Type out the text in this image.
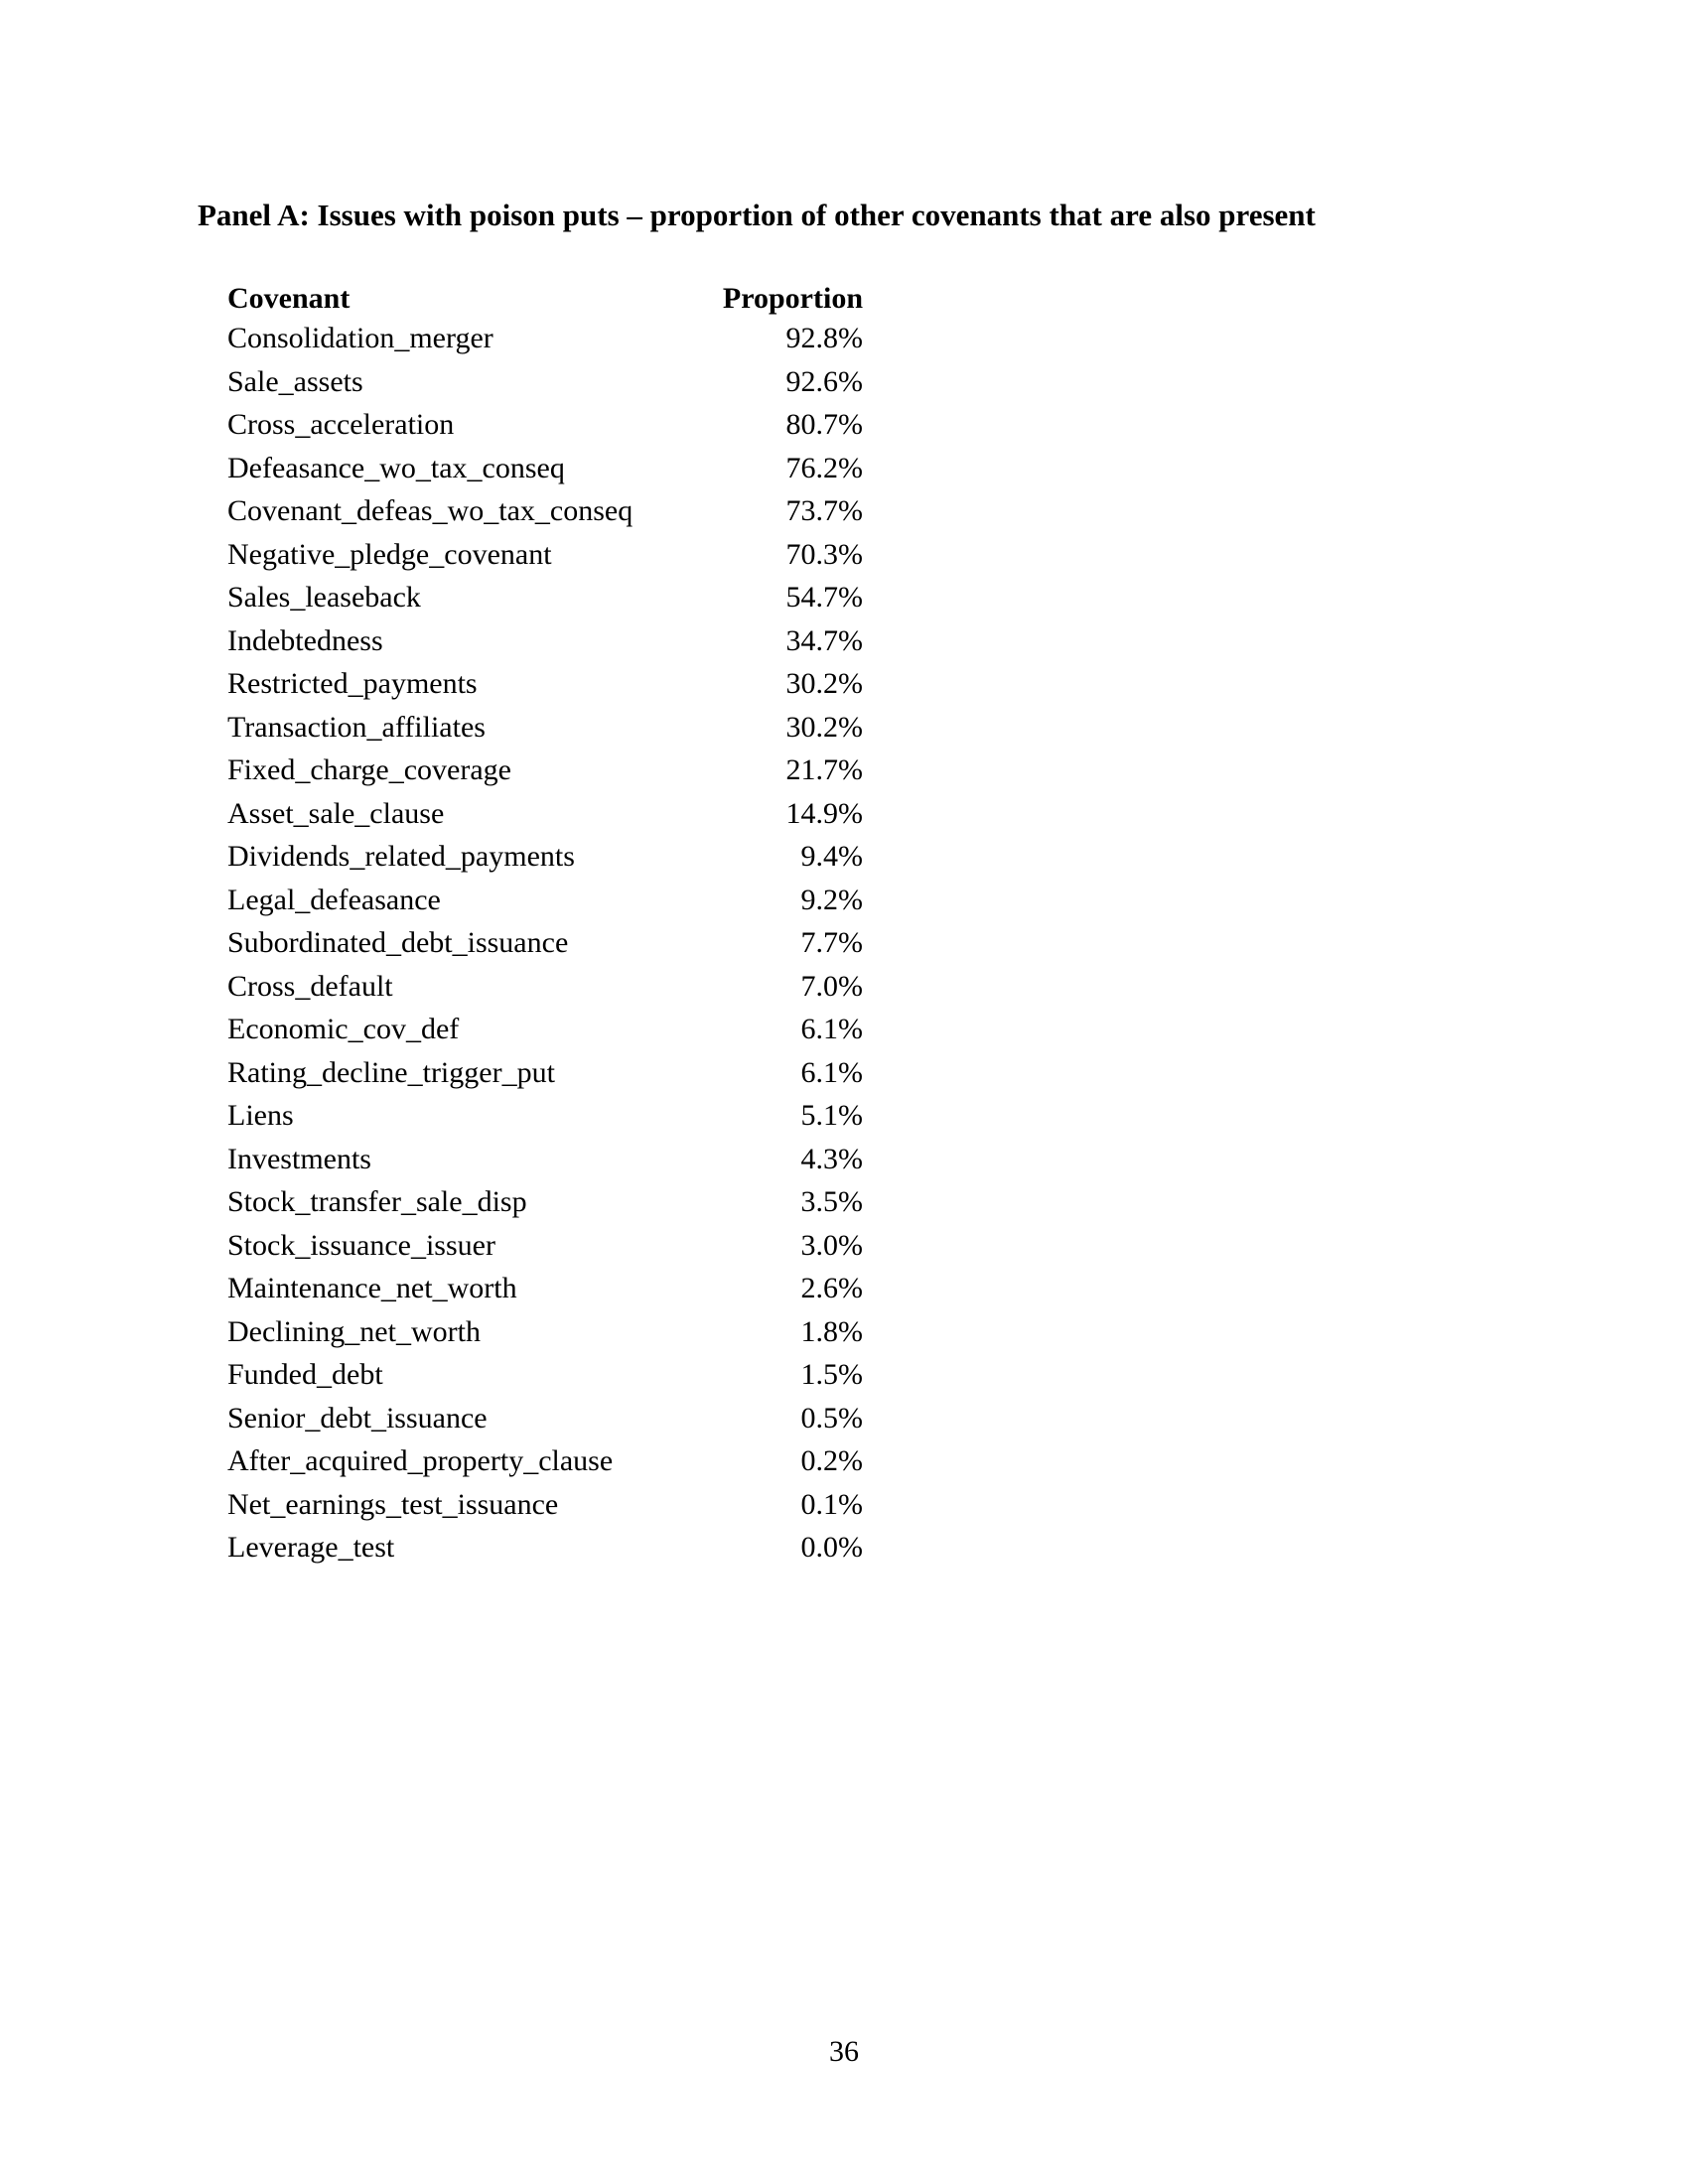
Panel A: Issues with poison puts – proportion of other covenants that are also present
Covenant	Proportion
Consolidation_merger	92.8%
Sale_assets	92.6%
Cross_acceleration	80.7%
Defeasance_wo_tax_conseq	76.2%
Covenant_defeas_wo_tax_conseq	73.7%
Negative_pledge_covenant	70.3%
Sales_leaseback	54.7%
Indebtedness	34.7%
Restricted_payments	30.2%
Transaction_affiliates	30.2%
Fixed_charge_coverage	21.7%
Asset_sale_clause	14.9%
Dividends_related_payments	9.4%
Legal_defeasance	9.2%
Subordinated_debt_issuance	7.7%
Cross_default	7.0%
Economic_cov_def	6.1%
Rating_decline_trigger_put	6.1%
Liens	5.1%
Investments	4.3%
Stock_transfer_sale_disp	3.5%
Stock_issuance_issuer	3.0%
Maintenance_net_worth	2.6%
Declining_net_worth	1.8%
Funded_debt	1.5%
Senior_debt_issuance	0.5%
After_acquired_property_clause	0.2%
Net_earnings_test_issuance	0.1%
Leverage_test	0.0%

36
